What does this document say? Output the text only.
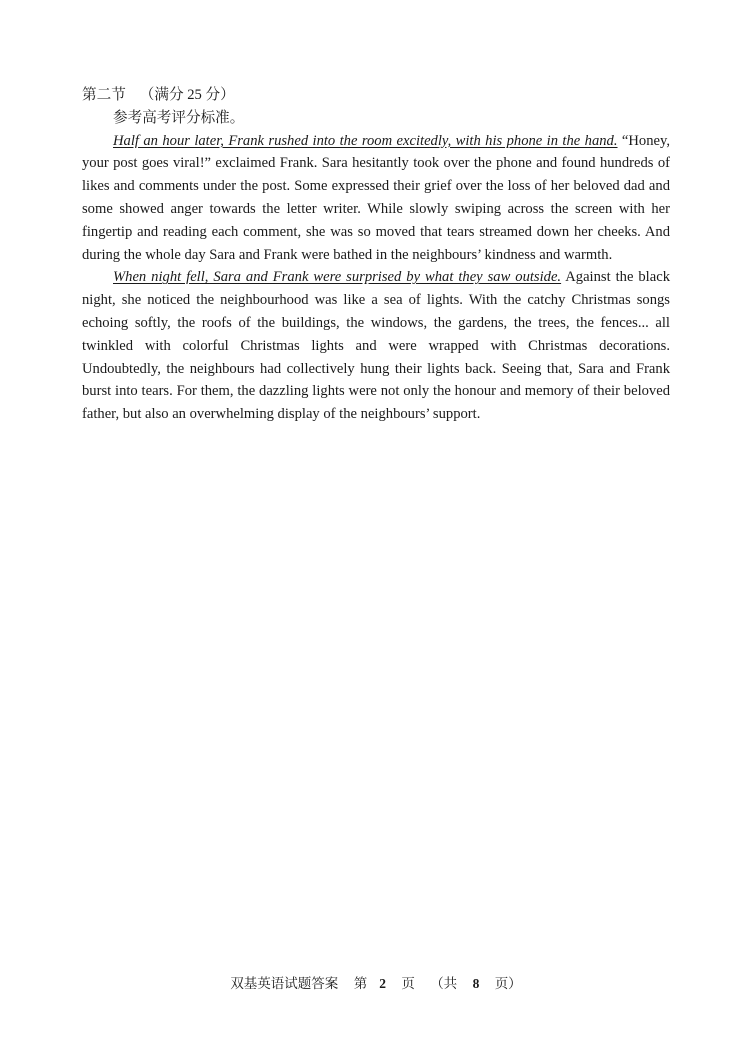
第二节 （满分 25 分）

参考高考评分标准。

Half an hour later, Frank rushed into the room excitedly, with his phone in the hand. “Honey, your post goes viral!” exclaimed Frank. Sara hesitantly took over the phone and found hundreds of likes and comments under the post. Some expressed their grief over the loss of her beloved dad and some showed anger towards the letter writer. While slowly swiping across the screen with her fingertip and reading each comment, she was so moved that tears streamed down her cheeks. And during the whole day Sara and Frank were bathed in the neighbours’ kindness and warmth.

When night fell, Sara and Frank were surprised by what they saw outside. Against the black night, she noticed the neighbourhood was like a sea of lights. With the catchy Christmas songs echoing softly, the roofs of the buildings, the windows, the gardens, the trees, the fences... all twinkled with colorful Christmas lights and were wrapped with Christmas decorations. Undoubtedly, the neighbours had collectively hung their lights back. Seeing that, Sara and Frank burst into tears. For them, the dazzling lights were not only the honour and memory of their beloved father, but also an overwhelming display of the neighbours’ support.

双基英语试题答案 第 2 页 （共 8 页）
